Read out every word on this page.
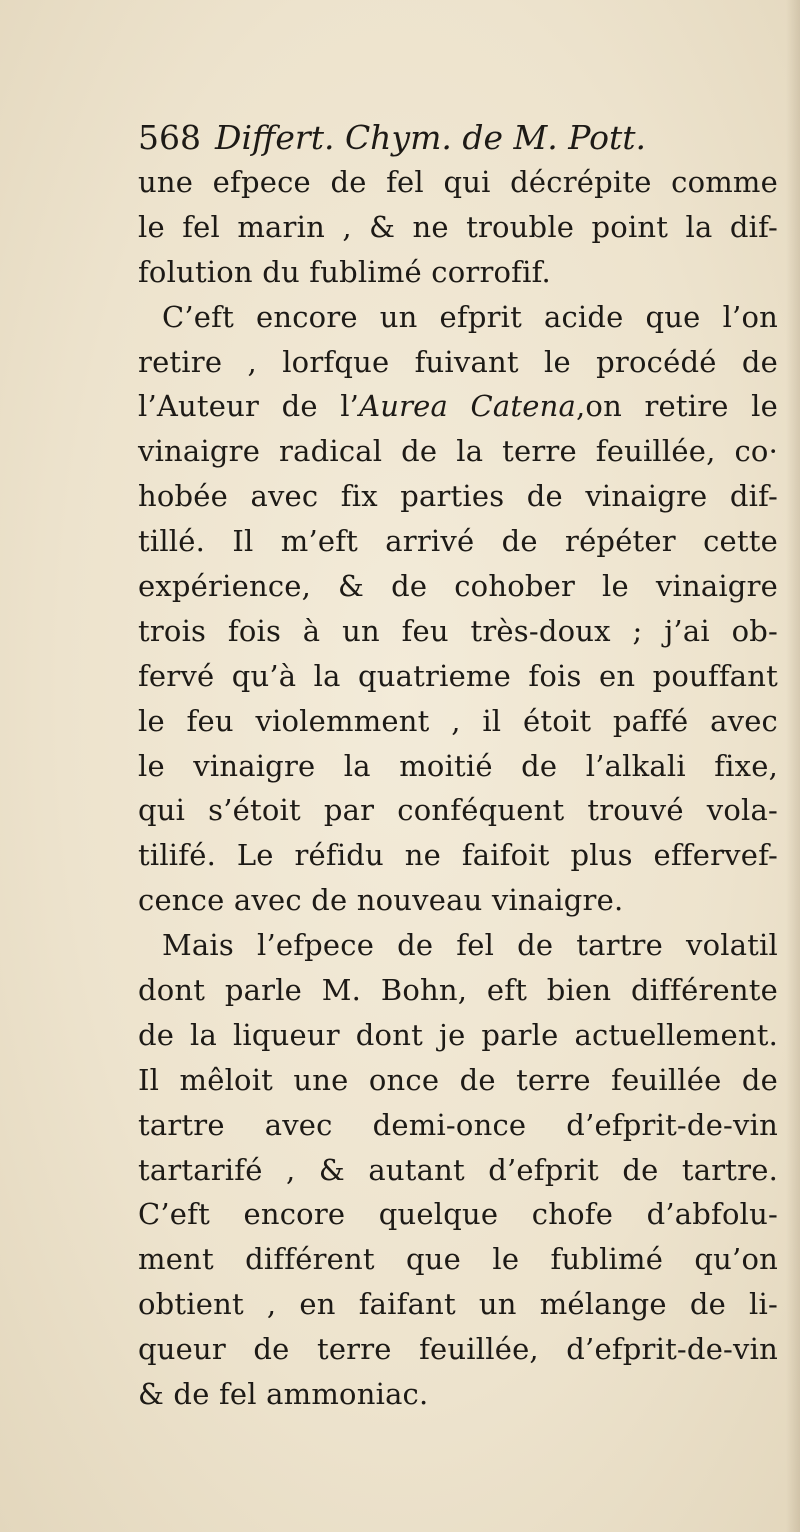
568 Differt. Chym. de M. Pott.
une efpece de fel qui décrépite comme
le fel marin , & ne trouble point la dif-
folution du fublimé corrofif.
C’eft encore un efprit acide que l’on
retire , lorfque fuivant le procédé de
l’Auteur de l’Aurea Catena,on retire le
vinaigre radical de la terre feuillée, co·
hobée avec fix parties de vinaigre dif-
tillé. Il m’eft arrivé de répéter cette
expérience, & de cohober le vinaigre
trois fois à un feu très-doux ; j’ai ob-
fervé qu’à la quatrieme fois en pouffant
le feu violemment , il étoit paffé avec
le vinaigre la moitié de l’alkali fixe,
qui s’étoit par conféquent trouvé vola-
tilifé. Le réfidu ne faifoit plus effervef-
cence avec de nouveau vinaigre.
Mais l’efpece de fel de tartre volatil
dont parle M. Bohn, eft bien différente
de la liqueur dont je parle actuellement.
Il mêloit une once de terre feuillée de
tartre avec demi-once d’efprit-de-vin
tartarifé , & autant d’efprit de tartre.
C’eft encore quelque chofe d’abfolu-
ment différent que le fublimé qu’on
obtient , en faifant un mélange de li-
queur de terre feuillée, d’efprit-de-vin
& de fel ammoniac.
